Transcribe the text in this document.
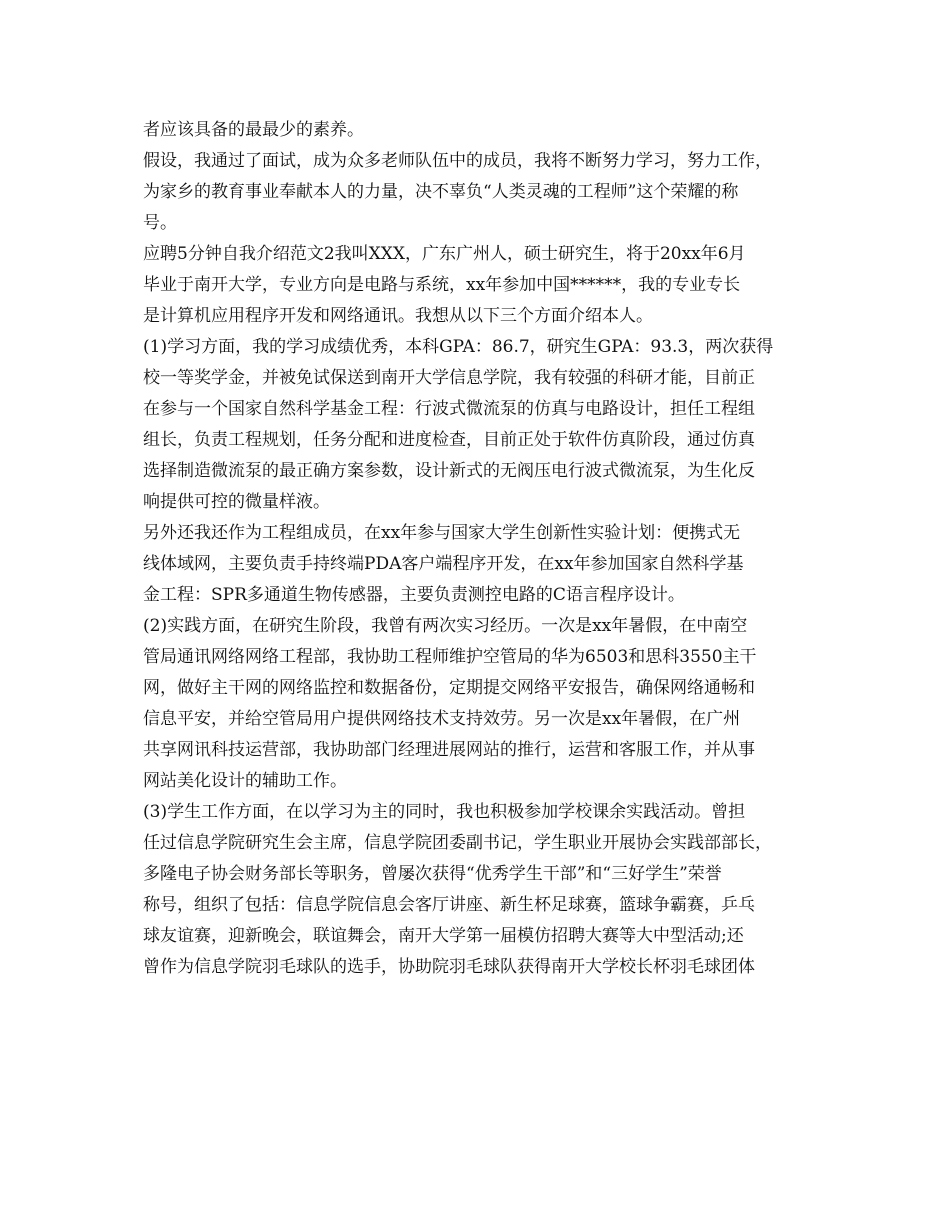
者应该具备的最最少的素养。
假设，我通过了面试，成为众多老师队伍中的成员，我将不断努力学习，努力工作，
为家乡的教育事业奉献本人的力量，决不辜负“人类灵魂的工程师”这个荣耀的称
号。
应聘5分钟自我介绍范文2我叫XXX，广东广州人，硕士研究生，将于20xx年6月
毕业于南开大学，专业方向是电路与系统，xx年参加中国******，我的专业专长
是计算机应用程序开发和网络通讯。我想从以下三个方面介绍本人。
(1)学习方面，我的学习成绩优秀，本科GPA：86.7，研究生GPA：93.3，两次获得
校一等奖学金，并被免试保送到南开大学信息学院，我有较强的科研才能，目前正
在参与一个国家自然科学基金工程：行波式微流泵的仿真与电路设计，担任工程组
组长，负责工程规划，任务分配和进度检查，目前正处于软件仿真阶段，通过仿真
选择制造微流泵的最正确方案参数，设计新式的无阀压电行波式微流泵，为生化反
响提供可控的微量样液。
另外还我还作为工程组成员，在xx年参与国家大学生创新性实验计划：便携式无
线体域网，主要负责手持终端PDA客户端程序开发，在xx年参加国家自然科学基
金工程：SPR多通道生物传感器，主要负责测控电路的C语言程序设计。
(2)实践方面，在研究生阶段，我曾有两次实习经历。一次是xx年暑假，在中南空
管局通讯网络网络工程部，我协助工程师维护空管局的华为6503和思科3550主干
网，做好主干网的网络监控和数据备份，定期提交网络平安报告，确保网络通畅和
信息平安，并给空管局用户提供网络技术支持效劳。另一次是xx年暑假，在广州
共享网讯科技运营部，我协助部门经理进展网站的推行，运营和客服工作，并从事
网站美化设计的辅助工作。
(3)学生工作方面，在以学习为主的同时，我也积极参加学校课余实践活动。曾担
任过信息学院研究生会主席，信息学院团委副书记，学生职业开展协会实践部部长，
多隆电子协会财务部长等职务，曾屡次获得“优秀学生干部”和“三好学生”荣誉
称号，组织了包括：信息学院信息会客厅讲座、新生杯足球赛，篮球争霸赛，乒乓
球友谊赛，迎新晚会，联谊舞会，南开大学第一届模仿招聘大赛等大中型活动;还
曾作为信息学院羽毛球队的选手，协助院羽毛球队获得南开大学校长杯羽毛球团体
